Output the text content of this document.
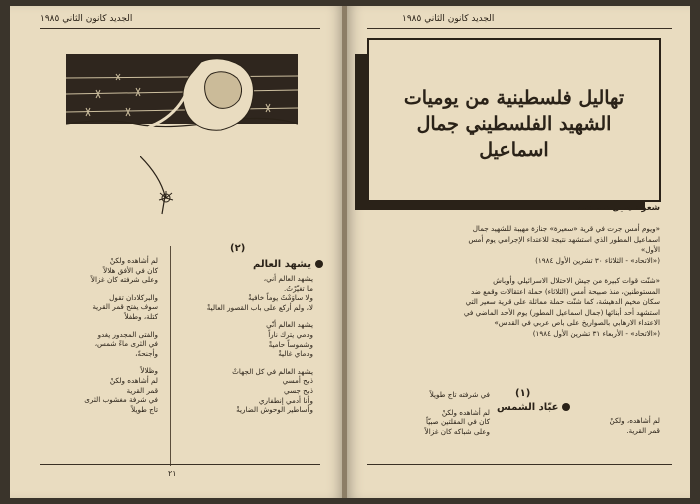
الجديد كانون الثاني ١٩٨٥
(٢)
يشهد العالم
يشهد العالم أني،
ما تغيّرْتُ.
ولا ساوَمْتُ يوماً خافيةْ
لا، ولم أركع على باب القصور العاليةْ
يشهد العالم أنّي
ودمي يترك ناراً
وشموساً حاميةْ
ودماي غاليةْ
يشهد العالم في كل الجهاتْ
ذبح أمسي
ذبح جسي
وأنا أدمي إنطفاري
وأساطير الوحوش الضاريةْ
لم أشاهده ولكنْ
كان في الأفق هلالاً
وعلى شرفته كان غزالاً
والبركلادان تقول
سوف يفتح قمر القرية
كتلة، وطفلاً
والفتى المجدور يغدو
في الثرى ماءً شمس،
وأجنحةً،
وظلالاً
لم أشاهده ولكنْ
قمر القرية
في شرفة مغشوب الثرى
تاج طويلاً
٢١
الجديد كانون الثاني ١٩٨٥
تهاليل فلسطينية من يوميات
الشهيد الفلسطيني جمال
اسماعيل
شعر : هايل عساقله
«ويوم أمس جرت في قرية «سعيرة» جنازة مهيبة للشهيد جمال
اسماعيل المطور الذي استشهد نتيجة للاعتداء الإجرامي يوم أمس
الأول»
(«الاتحاد» - الثلاثاء ٣٠ تشرين الأول ١٩٨٤)
«شنّت قوات كبيرة من جيش الاحتلال الاسرائيلي وأوباش
المستوطنين، منذ صبيحة أمس (الثلاثاء) حملة اعتقالات وقمع ضد
سكان مخيم الدهيشة، كما شنّت حملة مماثلة على قرية سعير التي
استشهد أحد أبنائها (جمال اسماعيل المطور) يوم الأحد الماضي في
الاعتداء الارهابي بالصواريخ على باص عربي في القدس»
(«الاتحاد» - الأربعاء ٣١ تشرين الأول ١٩٨٤)
(١)
عبّاد الشمس
في شرفته تاج طويلاً
لم أشاهده ولكنْ
كان في المقلتين صبيّاً
وعلى شباكه كان غزالاً
لم أشاهده، ولكنْ
قمر القرية.
